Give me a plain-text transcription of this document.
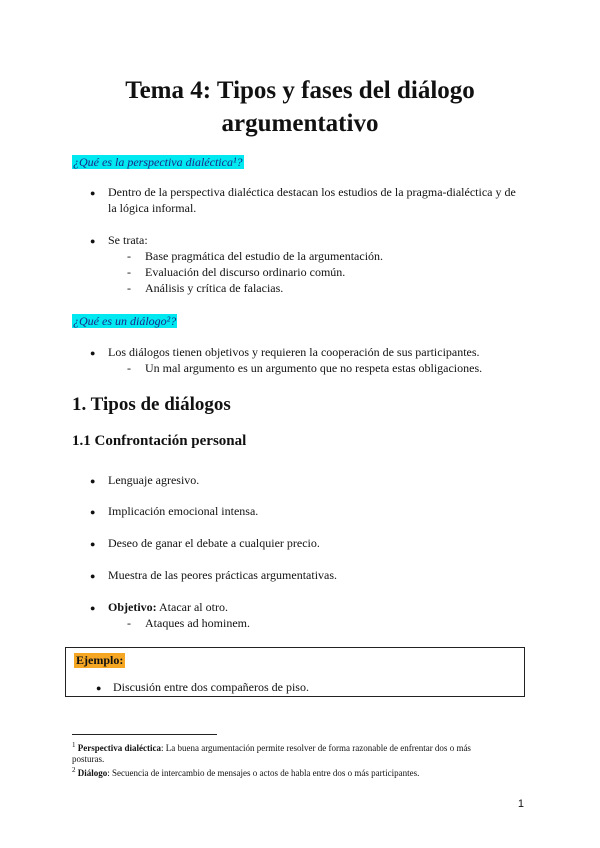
Tema 4: Tipos y fases del diálogo
argumentativo
¿Qué es la perspectiva dialéctica¹?
● Dentro de la perspectiva dialéctica destacan los estudios de la pragma-dialéctica y de
la lógica informal.
● Se trata:
- Base pragmática del estudio de la argumentación.
- Evaluación del discurso ordinario común.
- Análisis y crítica de falacias.
¿Qué es un diálogo²?
● Los diálogos tienen objetivos y requieren la cooperación de sus participantes.
- Un mal argumento es un argumento que no respeta estas obligaciones.
1. Tipos de diálogos
1.1 Confrontación personal
● Lenguaje agresivo.
● Implicación emocional intensa.
● Deseo de ganar el debate a cualquier precio.
● Muestra de las peores prácticas argumentativas.
● Objetivo: Atacar al otro.
- Ataques ad hominem.
Ejemplo:
● Discusión entre dos compañeros de piso.
$^1$ Perspectiva dialéctica: La buena argumentación permite resolver de forma razonable de enfrentar dos o más
posturas.
$^2$ Diálogo: Secuencia de intercambio de mensajes o actos de habla entre dos o más participantes.
1
